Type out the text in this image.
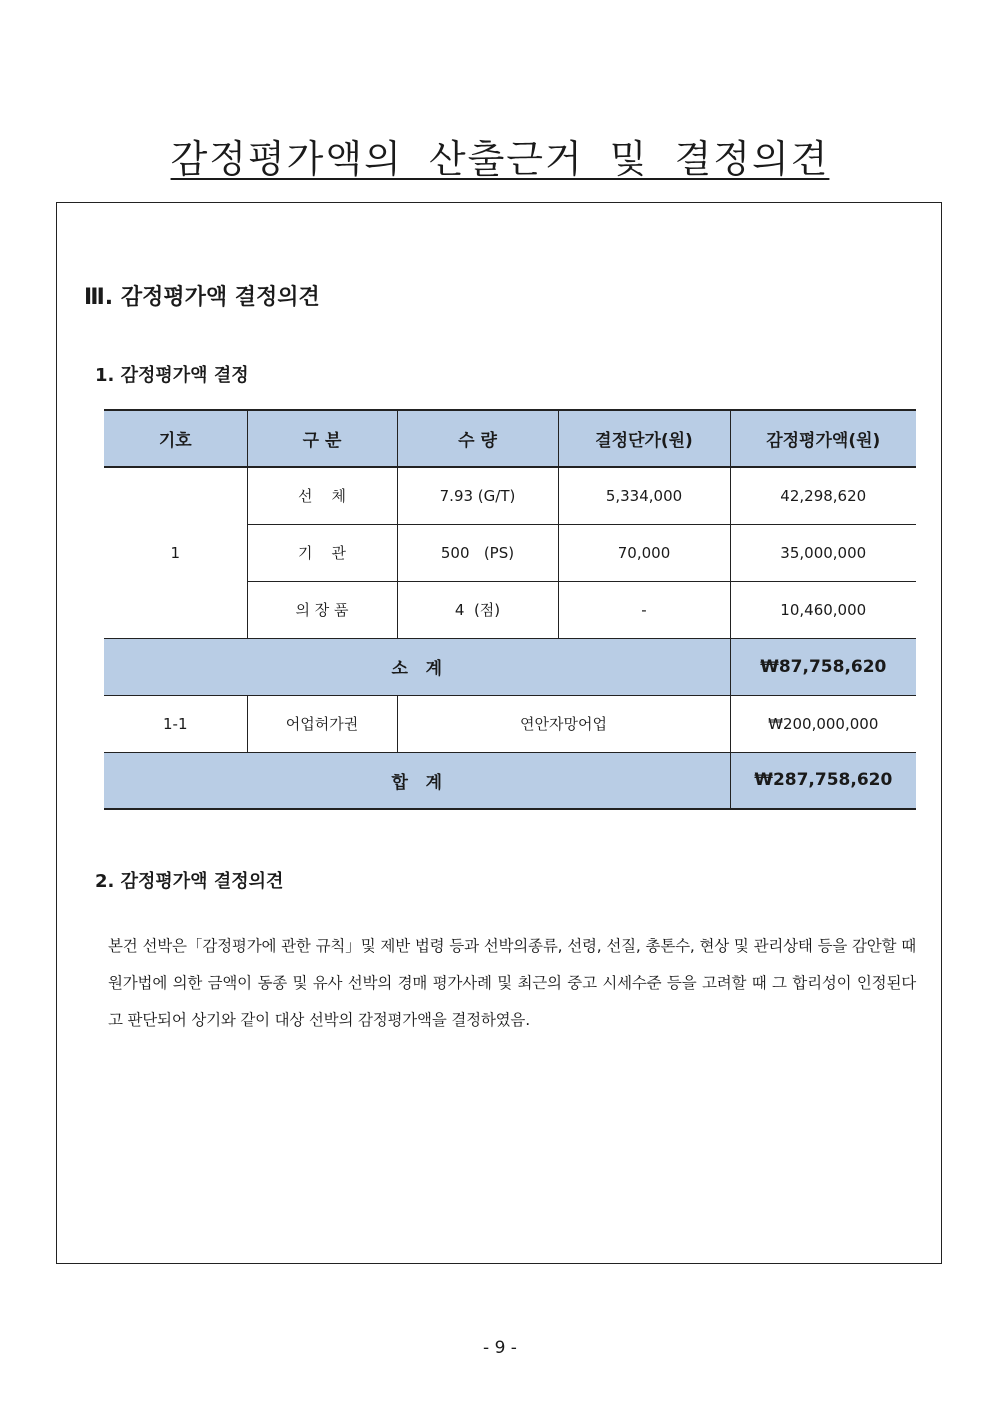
감정평가액의 산출근거 및 결정의견
Ⅲ. 감정평가액 결정의견
1. 감정평가액 결정
기호	구 분	수 량	결정단가(원)	감정평가액(원)
1	선    체	7.93 (G/T)	5,334,000	42,298,620
	기    관	500   (PS)	70,000	35,000,000
	의 장 품	4  (점)	-	10,460,000
소   계				₩87,758,620
1-1	어업허가권	연안자망어업		₩200,000,000
합   계				₩287,758,620
2. 감정평가액 결정의견

본건 선박은「감정평가에 관한 규칙」및 제반 법령 등과 선박의종류, 선령, 선질, 총톤수, 현상 및 관리상태 등을 감안할 때 원가법에 의한 금액이 동종 및 유사 선박의 경매 평가사례 및 최근의 중고 시세수준 등을 고려할 때 그 합리성이 인정된다고 판단되어 상기와 같이 대상 선박의 감정평가액을 결정하였음.

- 9 -
